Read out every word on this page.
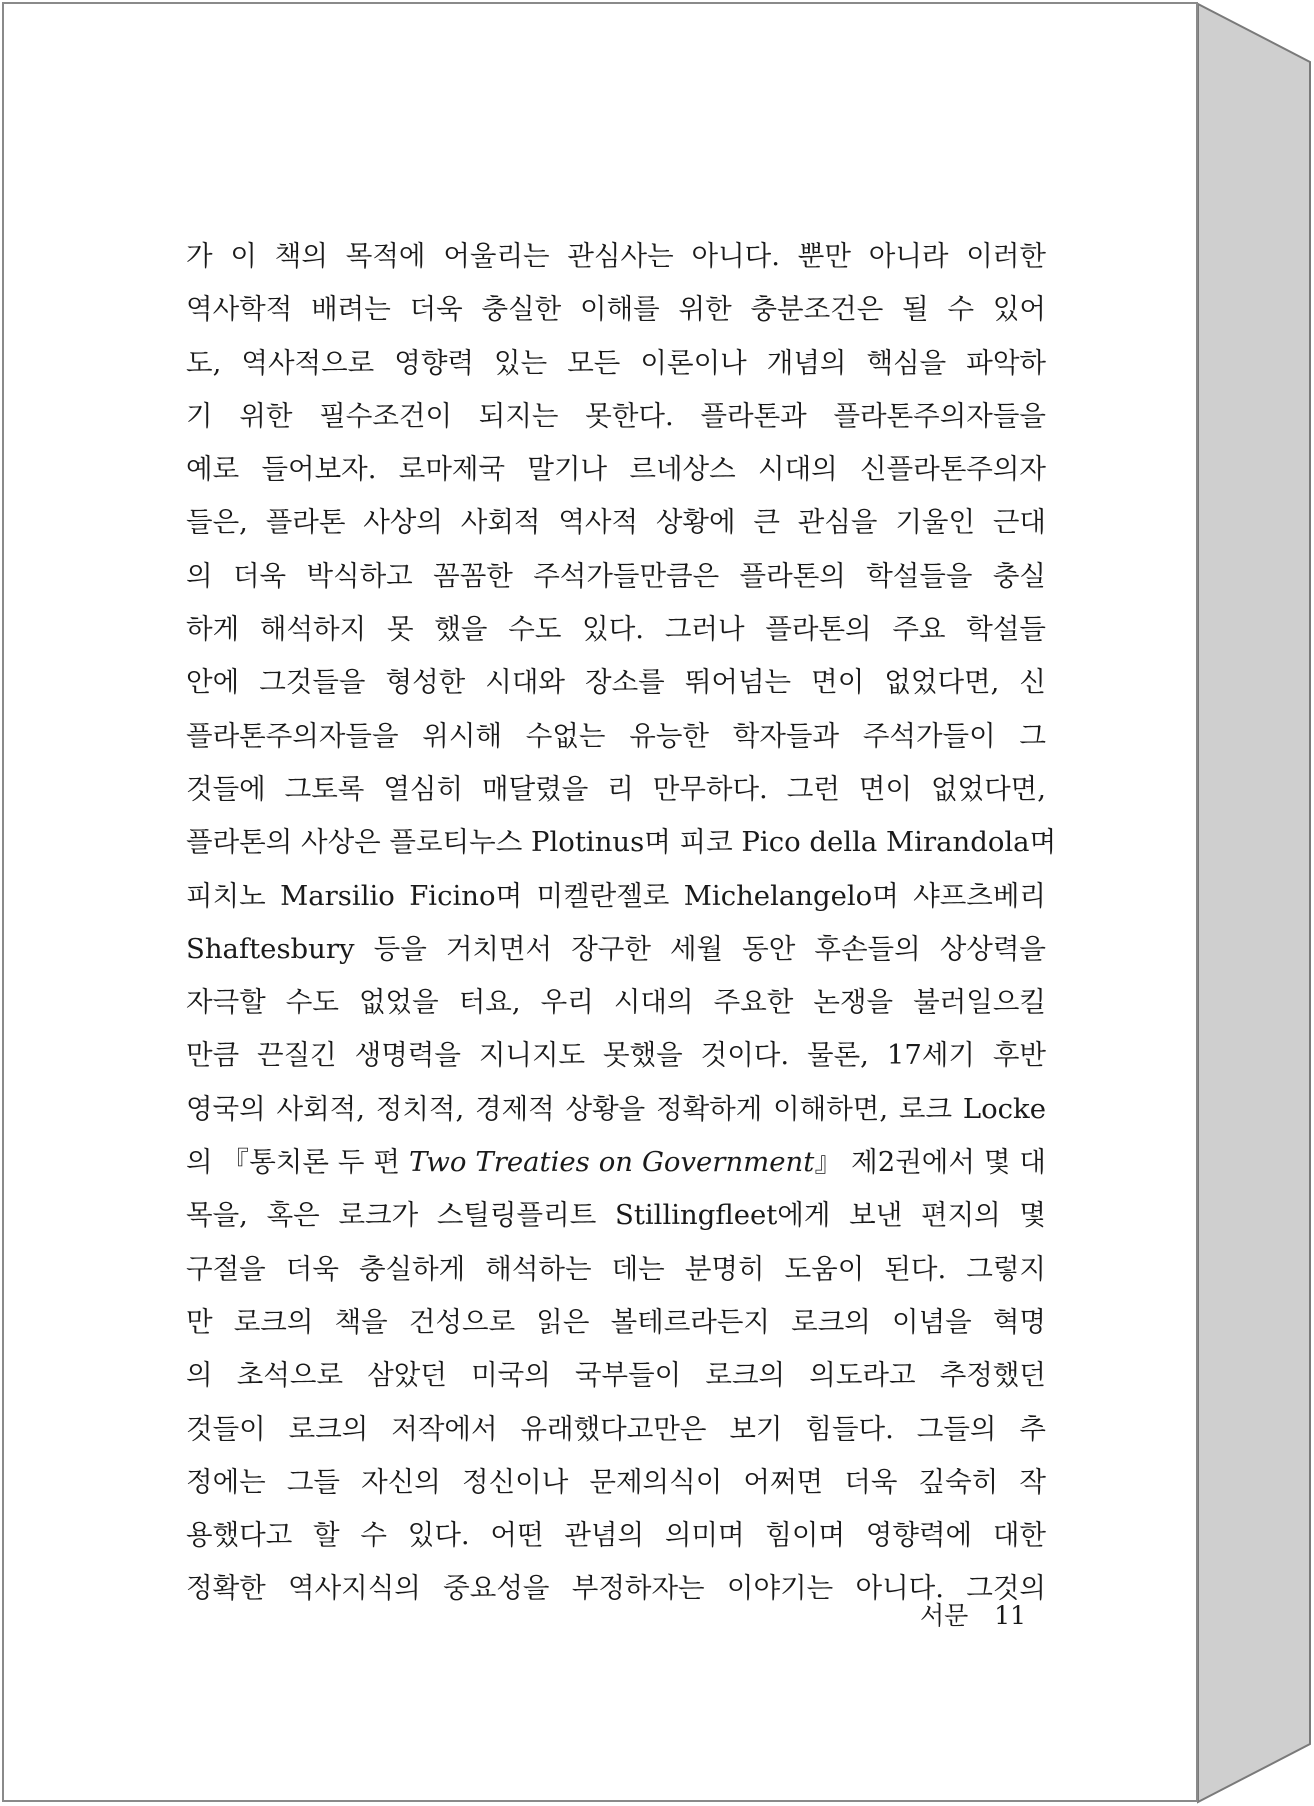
가 이 책의 목적에 어울리는 관심사는 아니다. 뿐만 아니라 이러한
역사학적 배려는 더욱 충실한 이해를 위한 충분조건은 될 수 있어
도, 역사적으로 영향력 있는 모든 이론이나 개념의 핵심을 파악하
기 위한 필수조건이 되지는 못한다. 플라톤과 플라톤주의자들을
예로 들어보자. 로마제국 말기나 르네상스 시대의 신플라톤주의자
들은, 플라톤 사상의 사회적 역사적 상황에 큰 관심을 기울인 근대
의 더욱 박식하고 꼼꼼한 주석가들만큼은 플라톤의 학설들을 충실
하게 해석하지 못 했을 수도 있다. 그러나 플라톤의 주요 학설들
안에 그것들을 형성한 시대와 장소를 뛰어넘는 면이 없었다면, 신
플라톤주의자들을 위시해 수없는 유능한 학자들과 주석가들이 그
것들에 그토록 열심히 매달렸을 리 만무하다. 그런 면이 없었다면,
플라톤의 사상은 플로티누스 Plotinus며 피코 Pico della Mirandola며
피치노 Marsilio Ficino며 미켈란젤로 Michelangelo며 샤프츠베리
Shaftesbury 등을 거치면서 장구한 세월 동안 후손들의 상상력을
자극할 수도 없었을 터요, 우리 시대의 주요한 논쟁을 불러일으킬
만큼 끈질긴 생명력을 지니지도 못했을 것이다. 물론, 17세기 후반
영국의 사회적, 정치적, 경제적 상황을 정확하게 이해하면, 로크 Locke
의 『통치론 두 편 Two Treaties on Government』 제2권에서 몇 대
목을, 혹은 로크가 스틸링플리트 Stillingfleet에게 보낸 편지의 몇
구절을 더욱 충실하게 해석하는 데는 분명히 도움이 된다. 그렇지
만 로크의 책을 건성으로 읽은 볼테르라든지 로크의 이념을 혁명
의 초석으로 삼았던 미국의 국부들이 로크의 의도라고 추정했던
것들이 로크의 저작에서 유래했다고만은 보기 힘들다. 그들의 추
정에는 그들 자신의 정신이나 문제의식이 어쩌면 더욱 깊숙히 작
용했다고 할 수 있다. 어떤 관념의 의미며 힘이며 영향력에 대한
정확한 역사지식의 중요성을 부정하자는 이야기는 아니다. 그것의
서문 11
